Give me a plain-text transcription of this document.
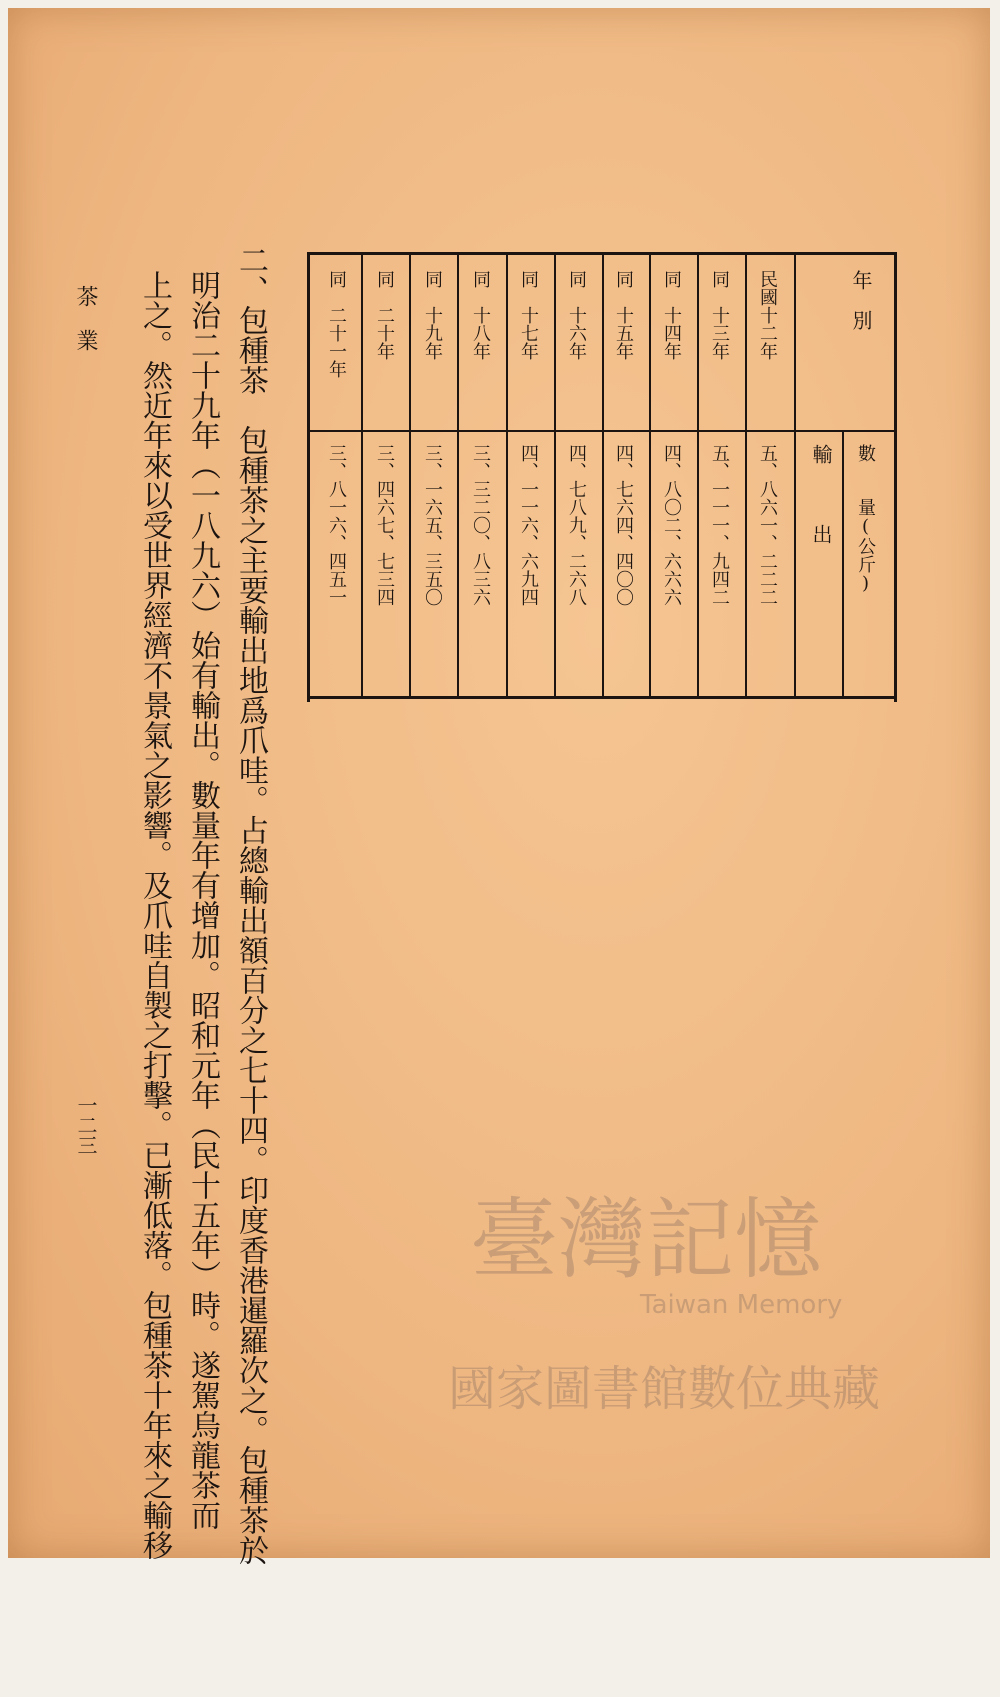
年　別
輸　　　出 數　　量(公斤)
民國十二年
五、八六一、二二二
同　十三年
五、一一一、九四二
同　十四年
四、八〇二、六六六
同　十五年
四、七六四、四〇〇
同　十六年
四、七八九、二六八
同　十七年
四、一一六、六九四
同　十八年
三、三二〇、八三六
同　十九年
三、一六五、三五〇
同　二十年
三、四六七、七三四
同　二十一年
三、八一六、四五一
二、包種茶　包種茶之主要輸出地爲爪哇。占總輸出額百分之七十四。印度香港暹羅次之。包種茶於
明治二十九年（一八九六）始有輸出。數量年有增加。昭和元年（民十五年）時。遂駕烏龍茶而
上之。然近年來以受世界經濟不景氣之影響。及爪哇自製之打擊。已漸低落。包種茶十年來之輸移
茶　業
一二三
臺灣記憶
Taiwan Memory
國家圖書館數位典藏
